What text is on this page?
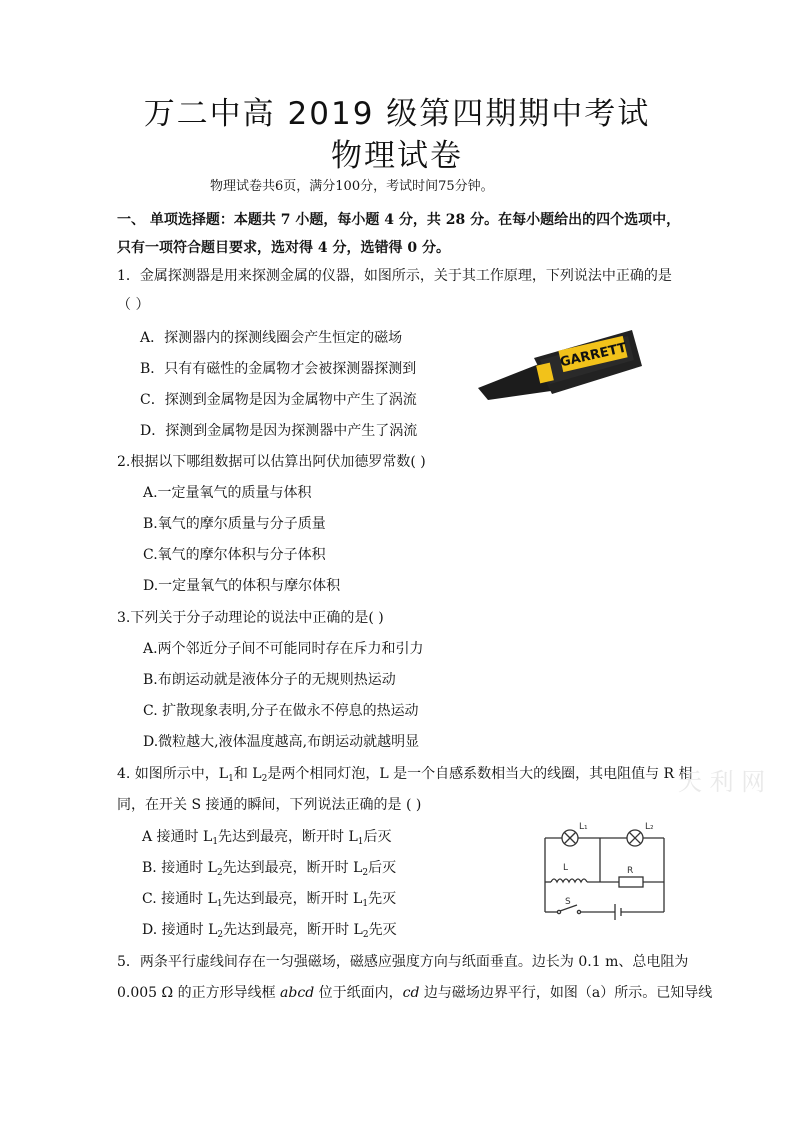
万二中高 2019 级第四期期中考试
物理试卷
物理试卷共6页，满分100分，考试时间75分钟。
一、 单项选择题：本题共 7 小题，每小题 4 分，共 28 分。在每小题给出的四个选项中，
只有一项符合题目要求，选对得 4 分，选错得 0 分。
1．金属探测器是用来探测金属的仪器，如图所示，关于其工作原理，下列说法中正确的是
（ ）
A．探测器内的探测线圈会产生恒定的磁场
B．只有有磁性的金属物才会被探测器探测到
C．探测到金属物是因为金属物中产生了涡流
D．探测到金属物是因为探测器中产生了涡流
GARRETT
2.根据以下哪组数据可以估算出阿伏加德罗常数( )
A.一定量氧气的质量与体积
B.氧气的摩尔质量与分子质量
C.氧气的摩尔体积与分子体积
D.一定量氧气的体积与摩尔体积
3.下列关于分子动理论的说法中正确的是( )
A.两个邻近分子间不可能同时存在斥力和引力
B.布朗运动就是液体分子的无规则热运动
C. 扩散现象表明,分子在做永不停息的热运动
D.微粒越大,液体温度越高,布朗运动就越明显
4. 如图所示中，$L_1$和 $L_2$是两个相同灯泡，L 是一个自感系数相当大的线圈，其电阻值与 R 相
同，在开关 S 接通的瞬间，下列说法正确的是 ( )
A 接通时 $L_1$先达到最亮，断开时 $L_1$后灭
B. 接通时 $L_2$先达到最亮，断开时 $L_2$后灭
C. 接通时 $L_1$先达到最亮，断开时 $L_1$先灭
D. 接通时 $L_2$先达到最亮，断开时 $L_2$先灭
天 利 网
L₁	L₂
L	R
S
5．两条平行虚线间存在一匀强磁场，磁感应强度方向与纸面垂直。边长为 0.1 m、总电阻为
0.005 Ω 的正方形导线框 abcd 位于纸面内，cd 边与磁场边界平行，如图（a）所示。已知导线
